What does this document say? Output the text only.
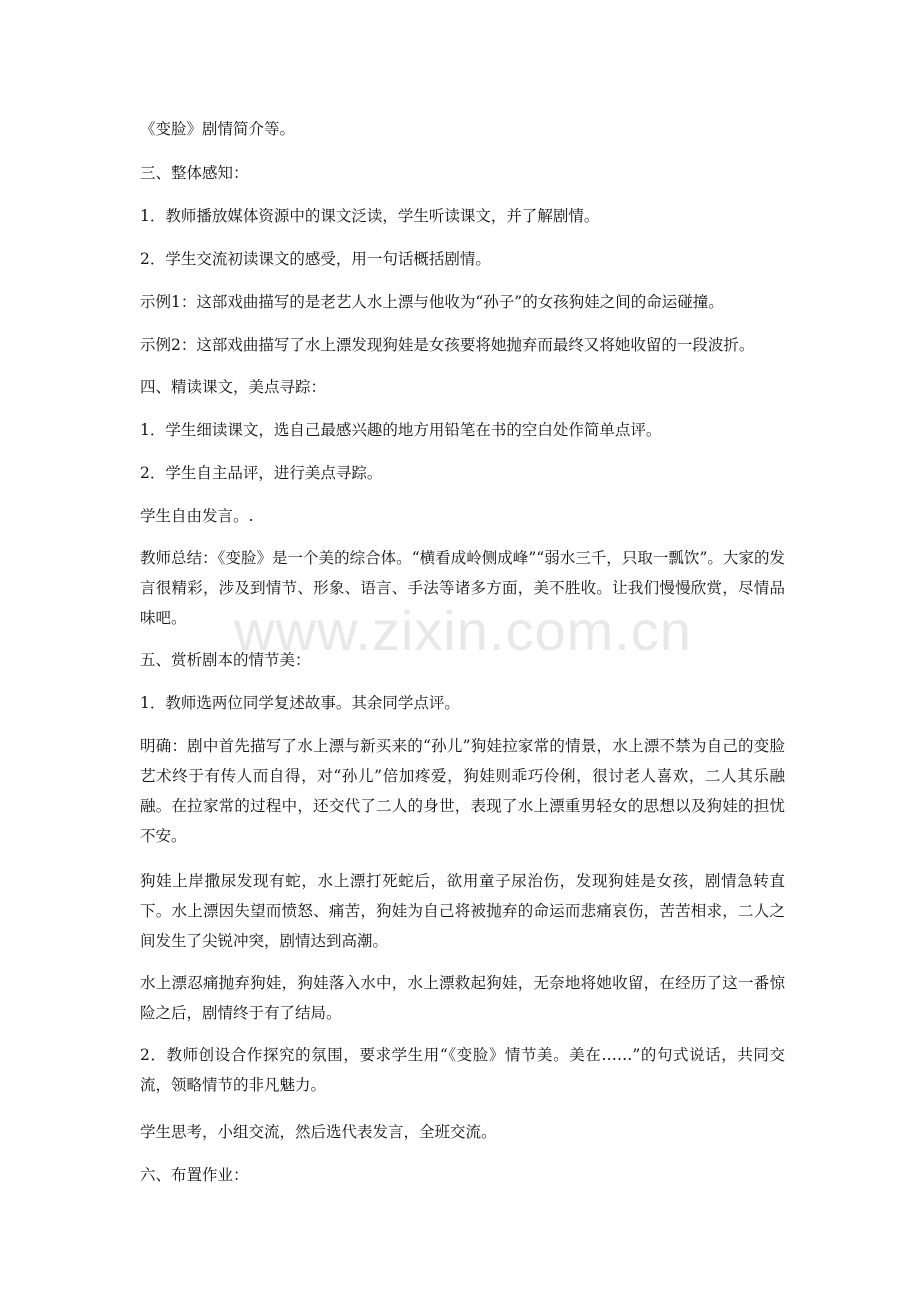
《变脸》剧情简介等。

三、整体感知：

1．教师播放媒体资源中的课文泛读，学生听读课文，并了解剧情。

2．学生交流初读课文的感受，用一句话概括剧情。

示例1：这部戏曲描写的是老艺人水上漂与他收为“孙子”的女孩狗娃之间的命运碰撞。

示例2：这部戏曲描写了水上漂发现狗娃是女孩要将她抛弃而最终又将她收留的一段波折。

四、精读课文，美点寻踪：

1．学生细读课文，选自己最感兴趣的地方用铅笔在书的空白处作简单点评。

2．学生自主品评，进行美点寻踪。

学生自由发言。.

教师总结：《变脸》是一个美的综合体。“横看成岭侧成峰”“弱水三千，只取一瓢饮”。大家的发言很精彩，涉及到情节、形象、语言、手法等诸多方面，美不胜收。让我们慢慢欣赏，尽情品味吧。

五、赏析剧本的情节美：

1．教师选两位同学复述故事。其余同学点评。

明确：剧中首先描写了水上漂与新买来的“孙儿”狗娃拉家常的情景，水上漂不禁为自己的变脸艺术终于有传人而自得，对“孙儿”倍加疼爱，狗娃则乖巧伶俐，很讨老人喜欢，二人其乐融融。在拉家常的过程中，还交代了二人的身世，表现了水上漂重男轻女的思想以及狗娃的担忧不安。

狗娃上岸撒尿发现有蛇，水上漂打死蛇后，欲用童子尿治伤，发现狗娃是女孩，剧情急转直下。水上漂因失望而愤怒、痛苦，狗娃为自己将被抛弃的命运而悲痛哀伤，苦苦相求，二人之间发生了尖锐冲突，剧情达到高潮。

水上漂忍痛抛弃狗娃，狗娃落入水中，水上漂救起狗娃，无奈地将她收留，在经历了这一番惊险之后，剧情终于有了结局。

2．教师创设合作探究的氛围，要求学生用“《变脸》情节美。美在……”的句式说话，共同交流，领略情节的非凡魅力。

学生思考，小组交流，然后选代表发言，全班交流。

六、布置作业：

www.zixin.com.cn
